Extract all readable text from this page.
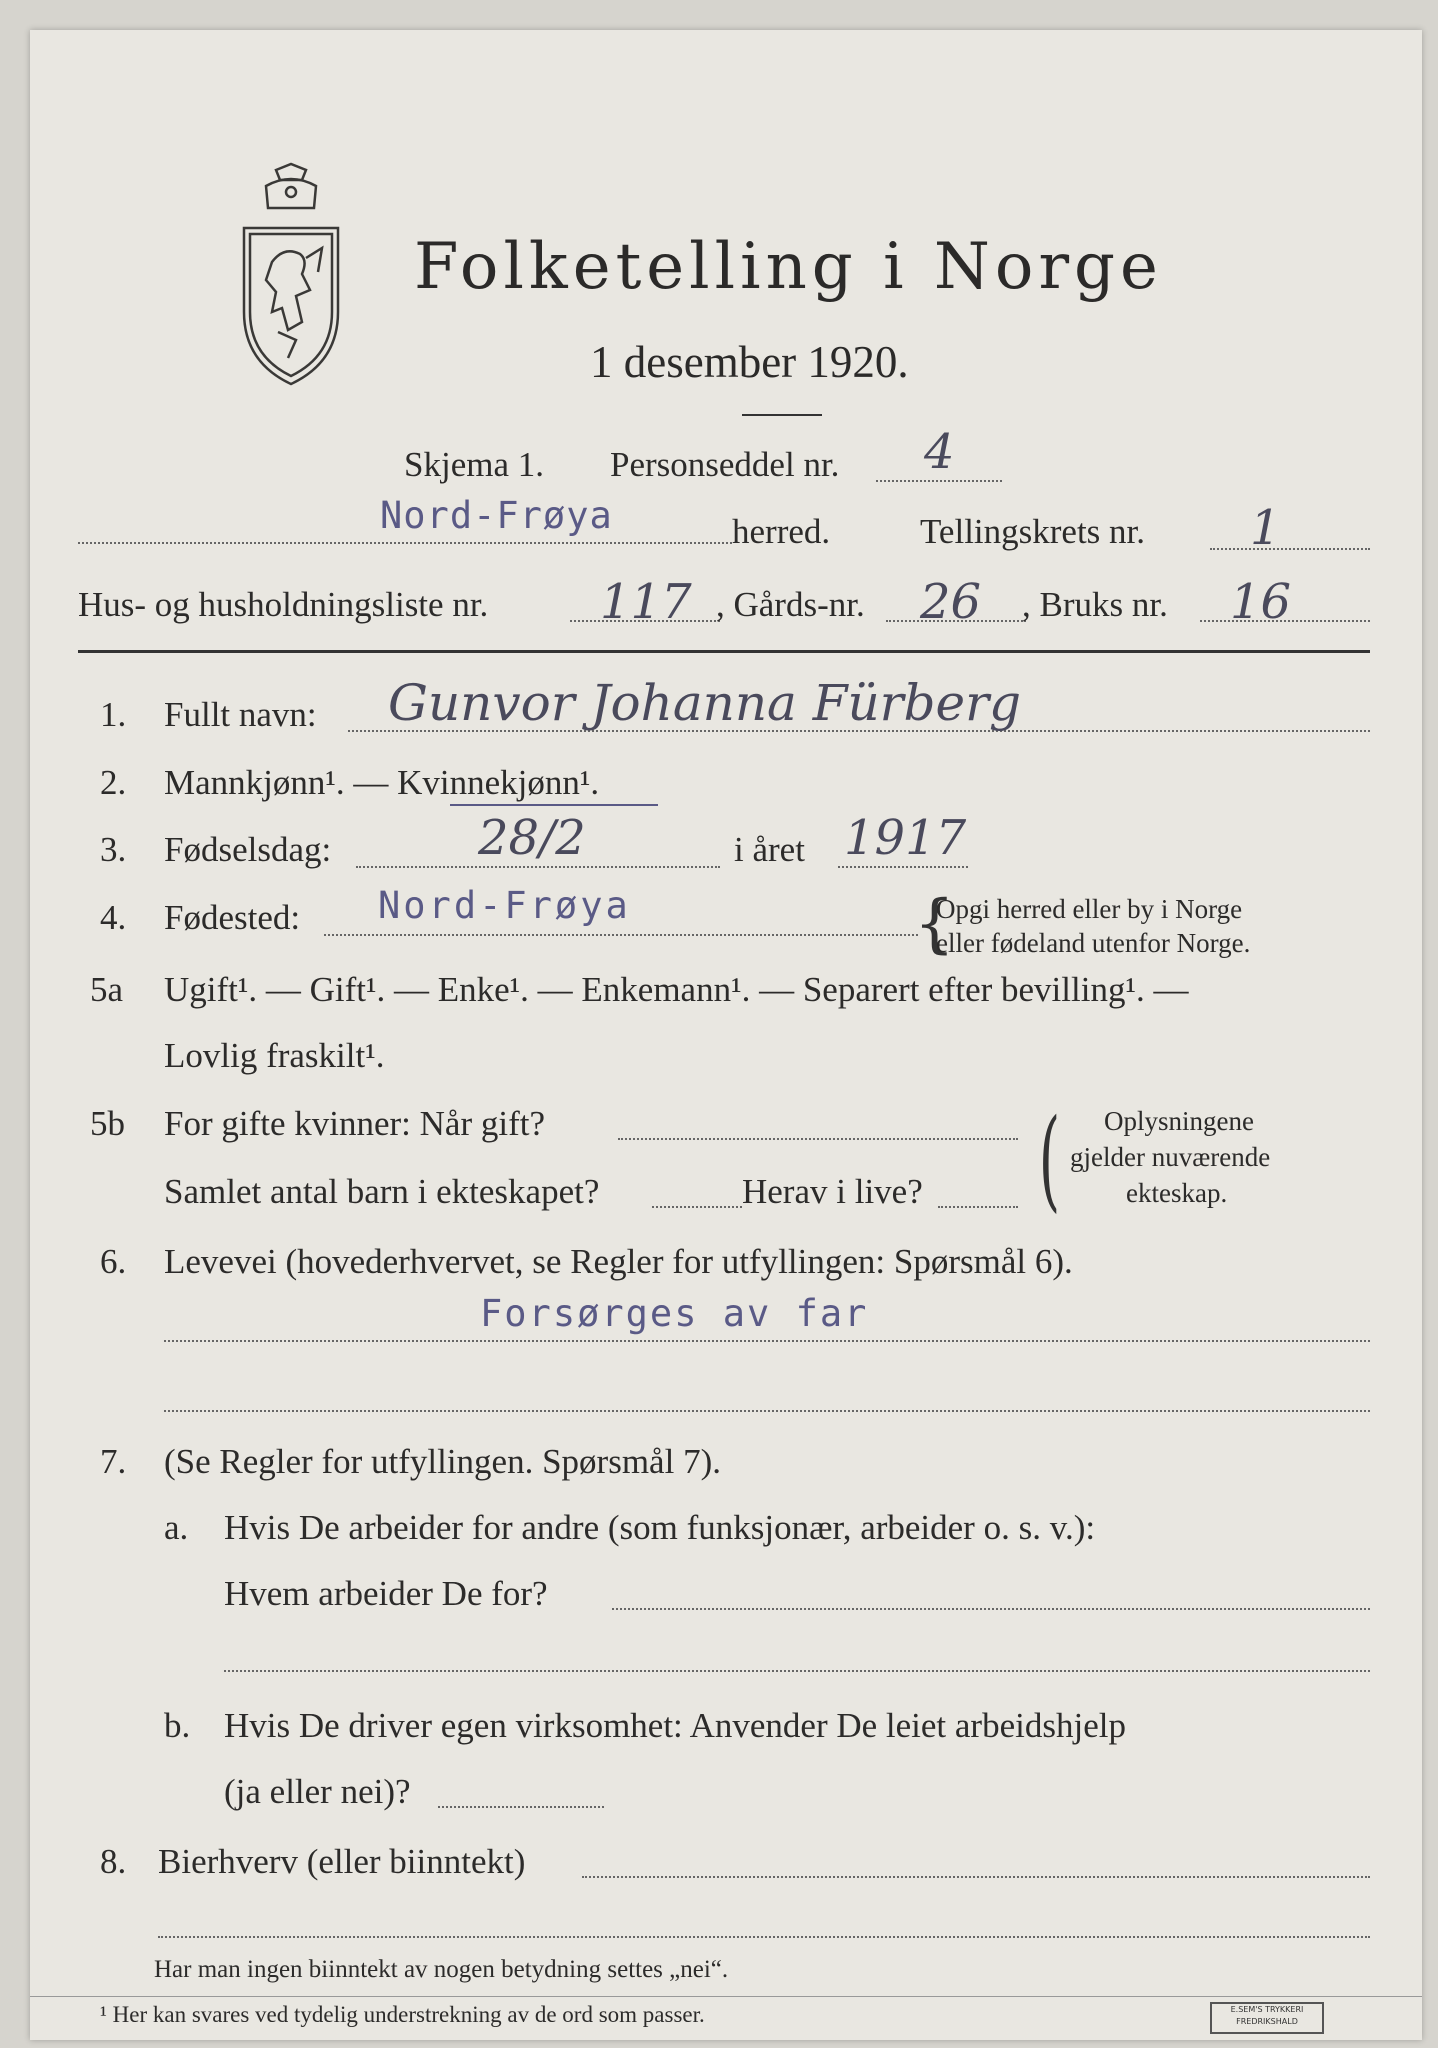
Folketelling i Norge
1 desember 1920.
Skjema 1. Personseddel nr. 4
Nord-Frøya	herred.	Tellingskrets nr. 1
Hus- og husholdningsliste nr. 117 , Gårds-nr. 26 , Bruks nr. 16
1. Fullt navn: Gunvor Johanna Fürberg
2. Mannkjønn¹. — Kvinnekjønn¹.
3. Fødselsdag:	28/2	i året 1917
4. Fødested: Nord-Frøya	{
Opgi herred eller by i Norge
eller fødeland utenfor Norge.
5a Ugift¹. — Gift¹. — Enke¹. — Enkemann¹. — Separert efter bevilling¹. —
Lovlig fraskilt¹.
5b For gifte kvinner: Når gift?
Samlet antal barn i ekteskapet?	Herav i live? ( Oplysningene
gjelder nuværende
ekteskap.
6. Levevei (hovederhvervet, se Regler for utfyllingen: Spørsmål 6).
Forsørges av far
7. (Se Regler for utfyllingen. Spørsmål 7).
a. Hvis De arbeider for andre (som funksjonær, arbeider o. s. v.):
Hvem arbeider De for?
b. Hvis De driver egen virksomhet: Anvender De leiet arbeidshjelp
(ja eller nei)?
8. Bierhverv (eller biinntekt)
Har man ingen biinntekt av nogen betydning settes „nei“.
¹ Her kan svares ved tydelig understrekning av de ord som passer.	E.SEM'S TRYKKERI FREDRIKSHALD
